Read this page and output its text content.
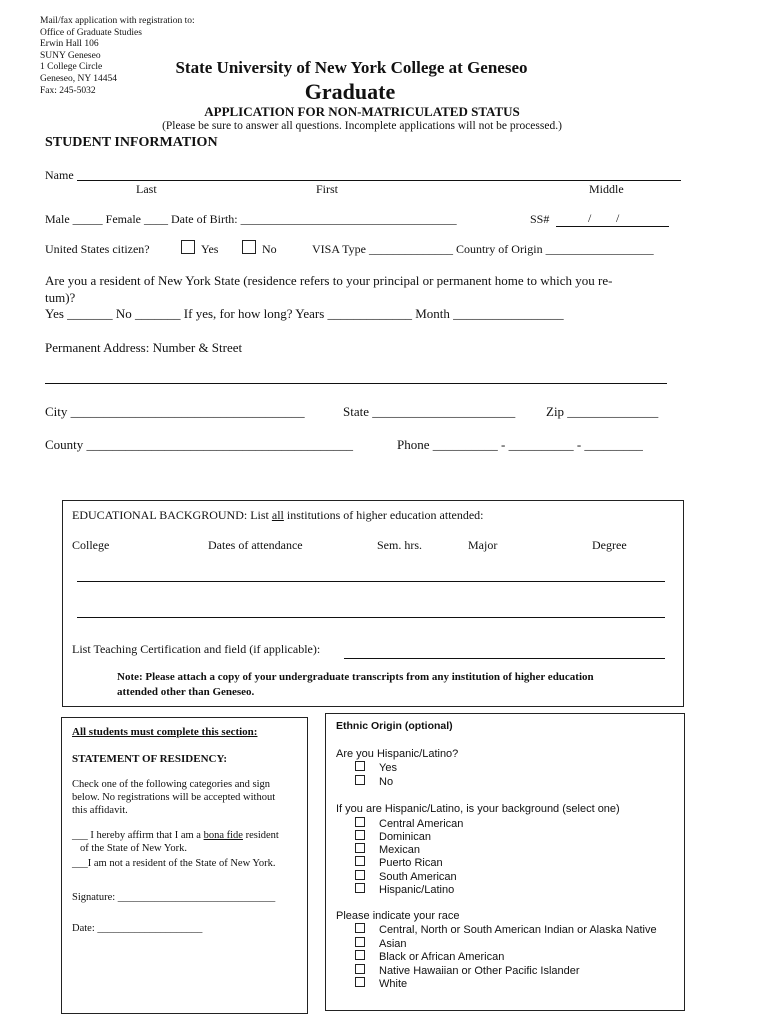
Mail/fax application with registration to:
Office of Graduate Studies
Erwin Hall 106
SUNY Geneseo
1 College Circle
Geneseo, NY 14454
Fax: 245-5032
State University of New York College at Geneseo
Graduate
APPLICATION FOR NON-MATRICULATED STATUS
(Please be sure to answer all questions. Incomplete applications will not be processed.)
STUDENT INFORMATION
Name
Last	First	Middle
Male _____ Female ____ Date of Birth: ____________________________________	SS#	/ /
United States citizen?	Yes	No	VISA Type ______________ Country of Origin __________________
Are you a resident of New York State (residence refers to your principal or permanent home to which you re-
tum)?
Yes _______ No _______ If yes, for how long? Years _____________ Month _________________
Permanent Address: Number & Street
City ____________________________________	State ______________________ Zip ______________
County _________________________________________	Phone __________ - __________ - _________
EDUCATIONAL BACKGROUND: List all institutions of higher education attended:
College	Dates of attendance	Sem. hrs.	Major	Degree
List Teaching Certification and field (if applicable):
Note: Please attach a copy of your undergraduate transcripts from any institution of higher education
attended other than Geneseo.
All students must complete this section:
STATEMENT OF RESIDENCY:
Check one of the following categories and sign
below. No registrations will be accepted without
this affidavit.
___ I hereby affirm that I am a bona fide resident
of the State of New York.
___I am not a resident of the State of New York.
Signature: ______________________________
Date: ____________________
Ethnic Origin (optional)
Are you Hispanic/Latino?
Yes
No
If you are Hispanic/Latino, is your background (select one)
Central American
Dominican
Mexican
Puerto Rican
South American
Hispanic/Latino
Please indicate your race
Central, North or South American Indian or Alaska Native
Asian
Black or African American
Native Hawaiian or Other Pacific Islander
White
